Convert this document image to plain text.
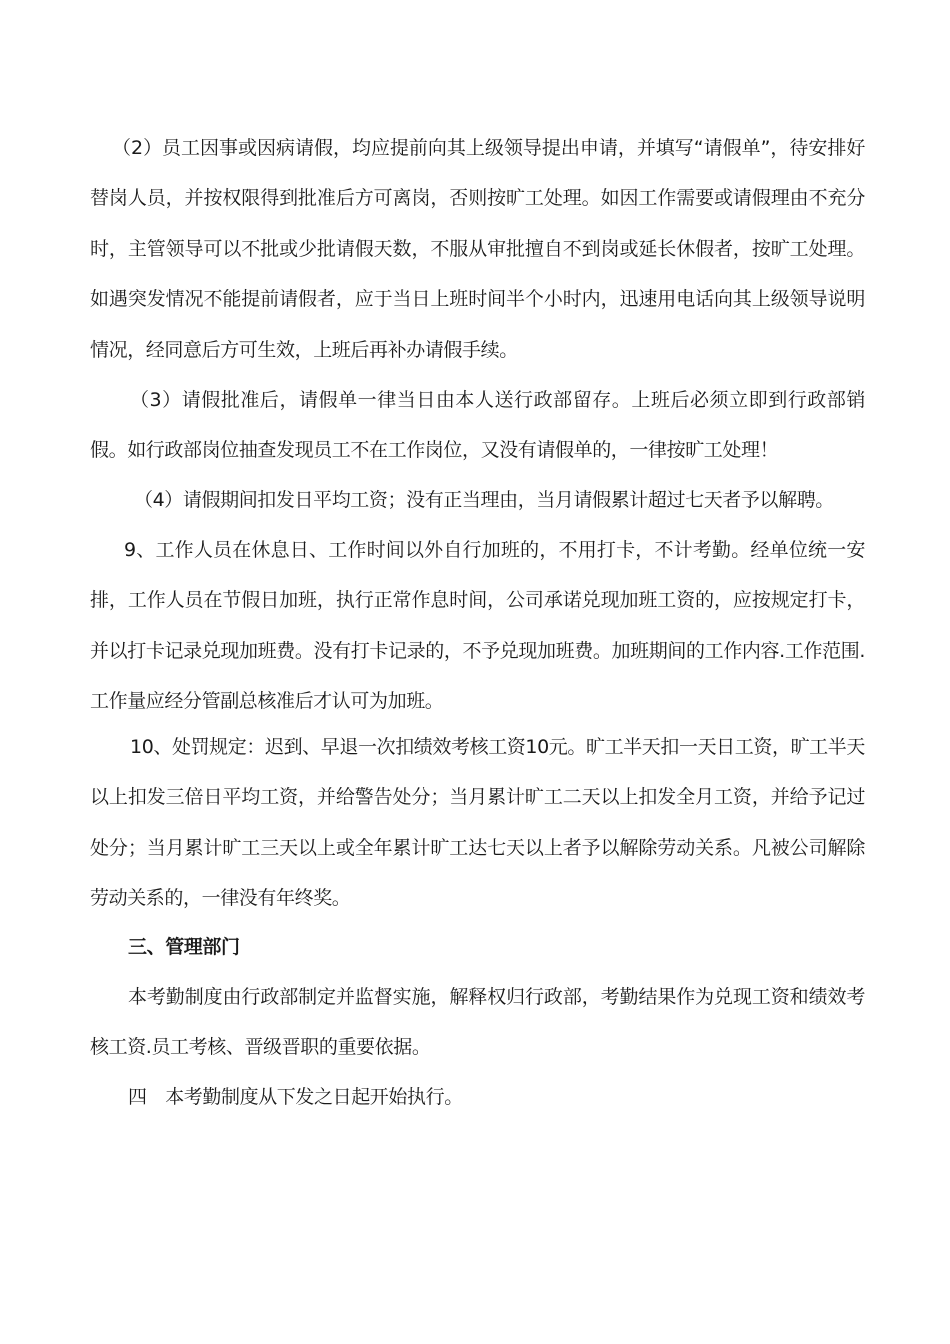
（2）员工因事或因病请假，均应提前向其上级领导提出申请，并填写“请假单”，待安排好替岗人员，并按权限得到批准后方可离岗，否则按旷工处理。如因工作需要或请假理由不充分时，主管领导可以不批或少批请假天数，不服从审批擅自不到岗或延长休假者，按旷工处理。如遇突发情况不能提前请假者，应于当日上班时间半个小时内，迅速用电话向其上级领导说明情况，经同意后方可生效，上班后再补办请假手续。

（3）请假批准后，请假单一律当日由本人送行政部留存。上班后必须立即到行政部销假。如行政部岗位抽查发现员工不在工作岗位，又没有请假单的，一律按旷工处理！

（4）请假期间扣发日平均工资；没有正当理由，当月请假累计超过七天者予以解聘。

9、工作人员在休息日、工作时间以外自行加班的，不用打卡，不计考勤。经单位统一安排，工作人员在节假日加班，执行正常作息时间，公司承诺兑现加班工资的，应按规定打卡，并以打卡记录兑现加班费。没有打卡记录的，不予兑现加班费。加班期间的工作内容.工作范围.工作量应经分管副总核准后才认可为加班。

10、处罚规定：迟到、早退一次扣绩效考核工资10元。旷工半天扣一天日工资，旷工半天以上扣发三倍日平均工资，并给警告处分；当月累计旷工二天以上扣发全月工资，并给予记过处分；当月累计旷工三天以上或全年累计旷工达七天以上者予以解除劳动关系。凡被公司解除劳动关系的，一律没有年终奖。

三、管理部门

本考勤制度由行政部制定并监督实施，解释权归行政部，考勤结果作为兑现工资和绩效考核工资.员工考核、晋级晋职的重要依据。

四　本考勤制度从下发之日起开始执行。
